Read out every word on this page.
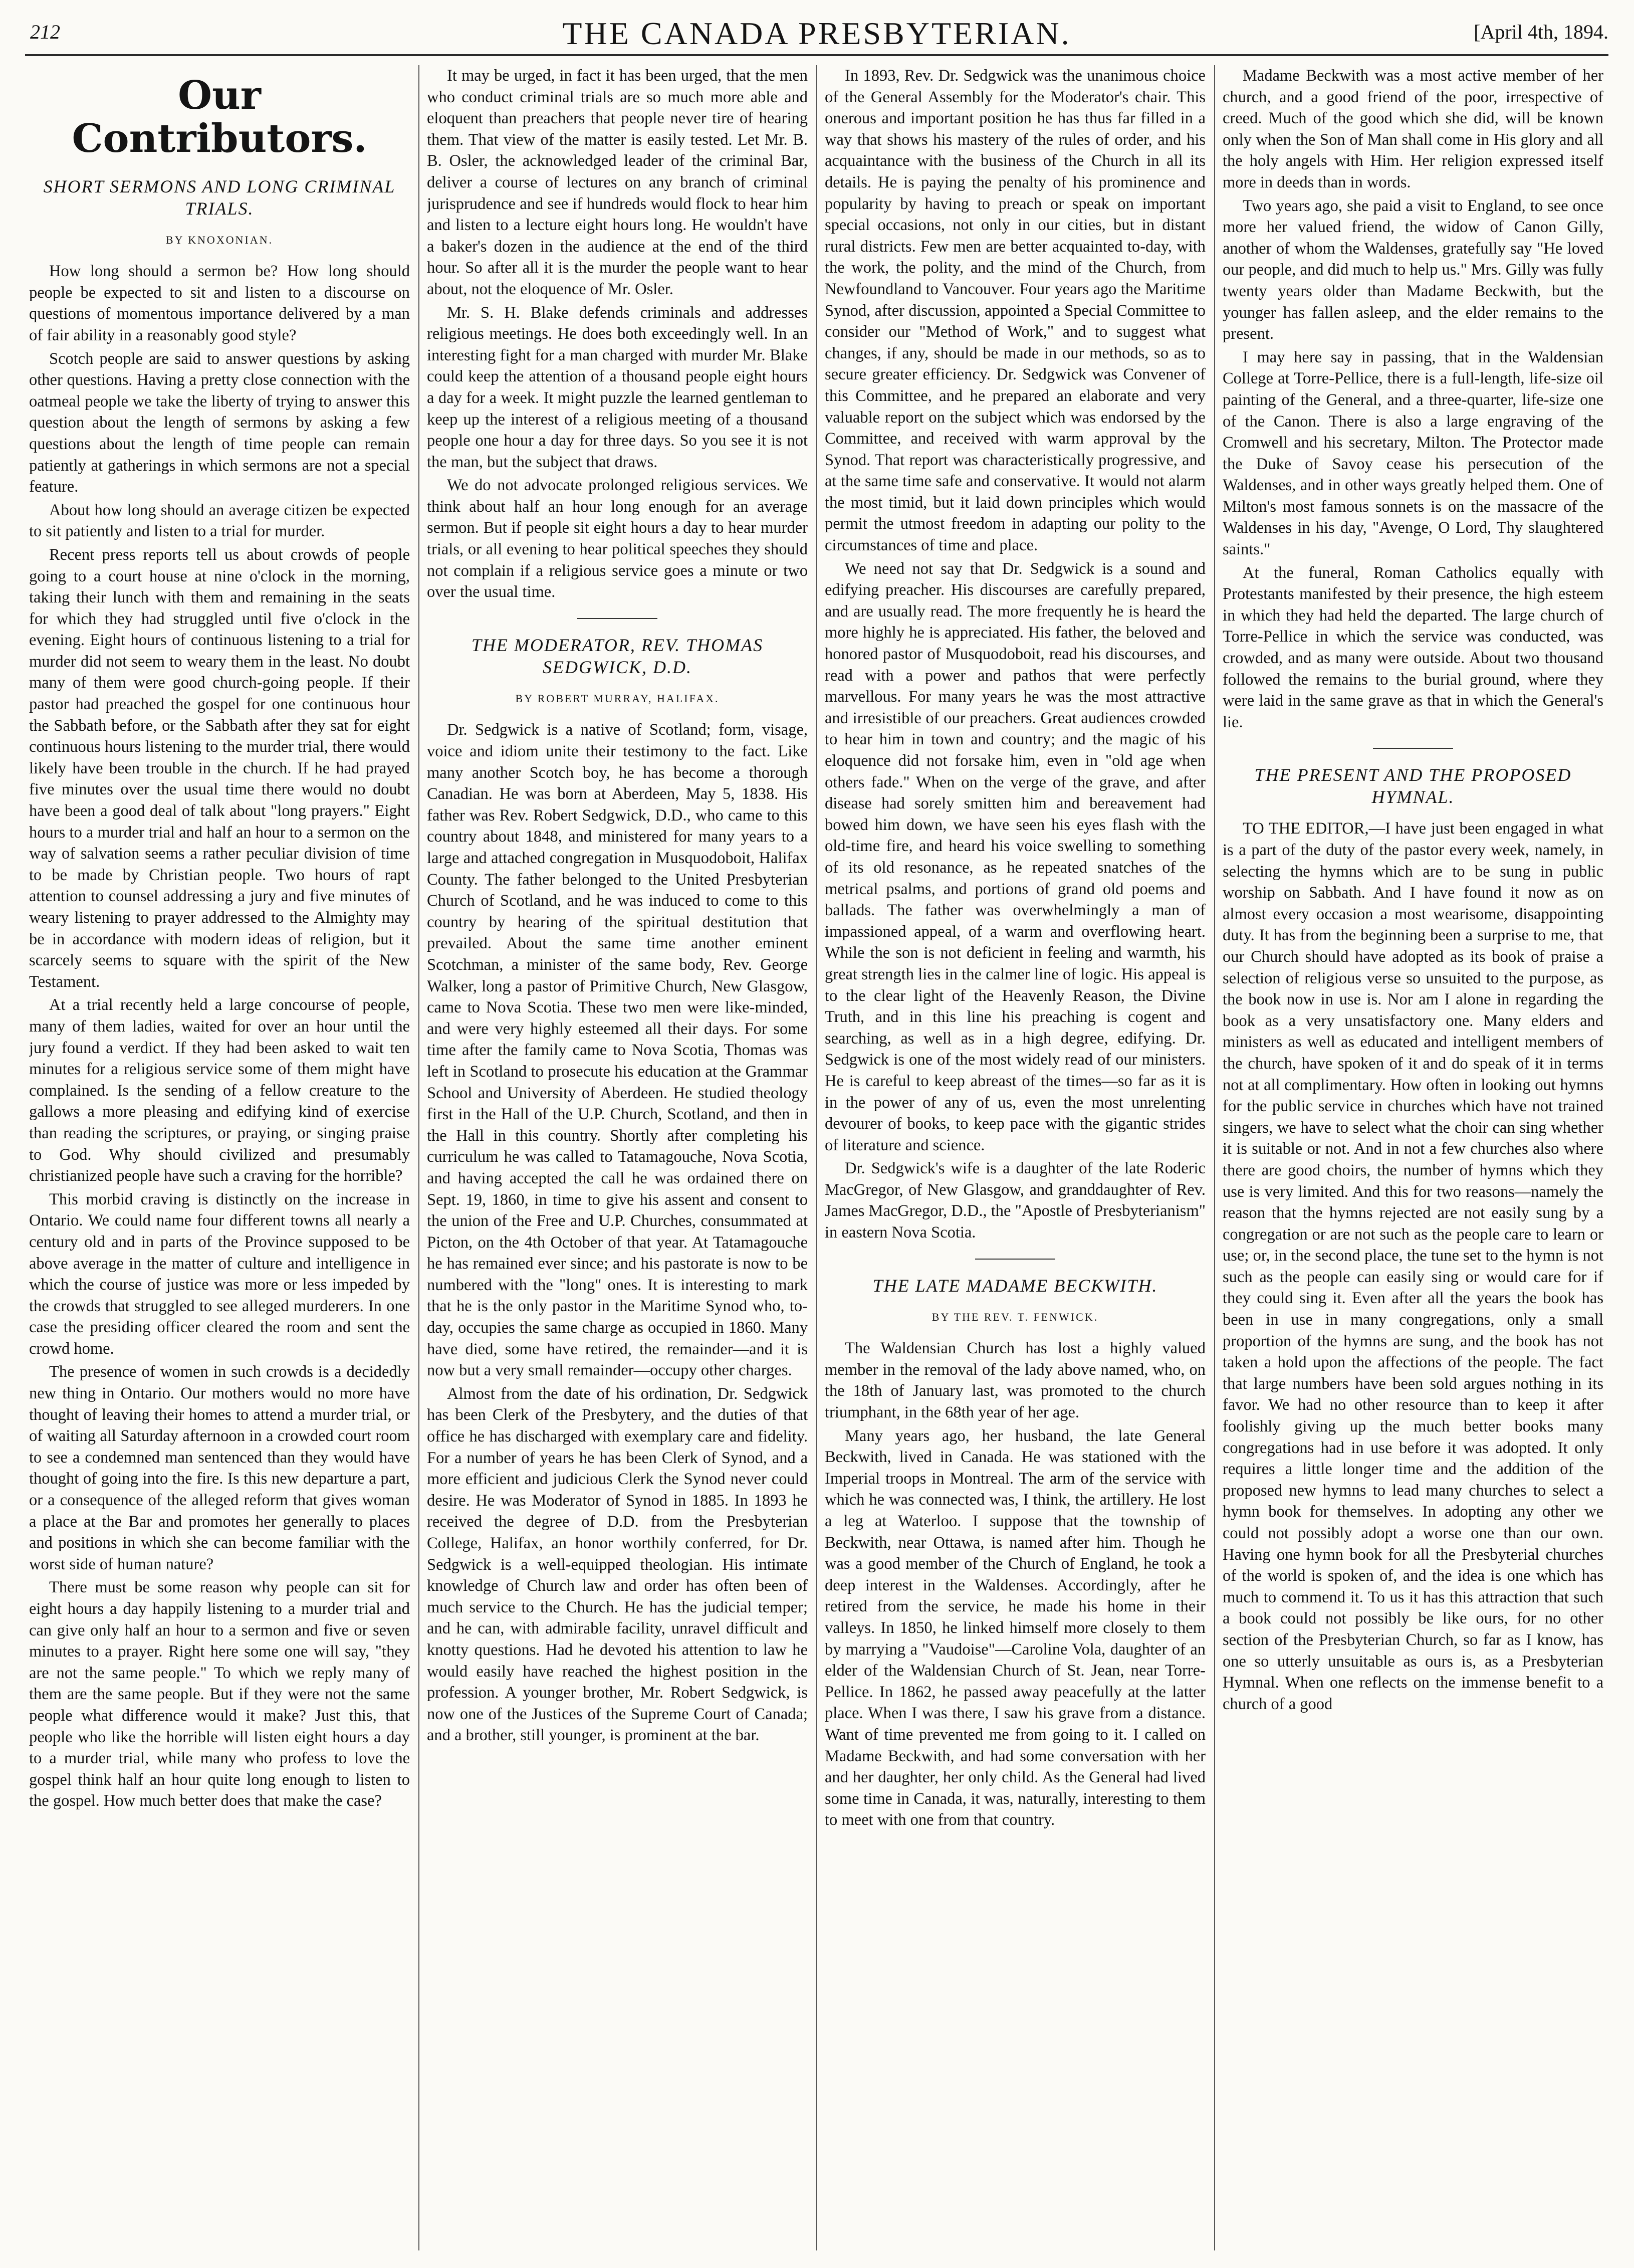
212	THE CANADA PRESBYTERIAN.	[April 4th, 1894.
Our Contributors.
SHORT SERMONS AND LONG CRIMINAL TRIALS.
BY KNOXONIAN.

How long should a sermon be? How long should people be expected to sit and listen to a discourse on questions of momentous importance delivered by a man of fair ability in a reasonably good style?

Scotch people are said to answer questions by asking other questions. Having a pretty close connection with the oatmeal people we take the liberty of trying to answer this question about the length of sermons by asking a few questions about the length of time people can remain patiently at gatherings in which sermons are not a special feature.

About how long should an average citizen be expected to sit patiently and listen to a trial for murder.

Recent press reports tell us about crowds of people going to a court house at nine o'clock in the morning, taking their lunch with them and remaining in the seats for which they had struggled until five o'clock in the evening. Eight hours of continuous listening to a trial for murder did not seem to weary them in the least. No doubt many of them were good church-going people. If their pastor had preached the gospel for one continuous hour the Sabbath before, or the Sabbath after they sat for eight continuous hours listening to the murder trial, there would likely have been trouble in the church. If he had prayed five minutes over the usual time there would no doubt have been a good deal of talk about "long prayers." Eight hours to a murder trial and half an hour to a sermon on the way of salvation seems a rather peculiar division of time to be made by Christian people. Two hours of rapt attention to counsel addressing a jury and five minutes of weary listening to prayer addressed to the Almighty may be in accordance with modern ideas of religion, but it scarcely seems to square with the spirit of the New Testament.

At a trial recently held a large concourse of people, many of them ladies, waited for over an hour until the jury found a verdict. If they had been asked to wait ten minutes for a religious service some of them might have complained. Is the sending of a fellow creature to the gallows a more pleasing and edifying kind of exercise than reading the scriptures, or praying, or singing praise to God. Why should civilized and presumably christianized people have such a craving for the horrible?

This morbid craving is distinctly on the increase in Ontario. We could name four different towns all nearly a century old and in parts of the Province supposed to be above average in the matter of culture and intelligence in which the course of justice was more or less impeded by the crowds that struggled to see alleged murderers. In one case the presiding officer cleared the room and sent the crowd home.

The presence of women in such crowds is a decidedly new thing in Ontario. Our mothers would no more have thought of leaving their homes to attend a murder trial, or of waiting all Saturday afternoon in a crowded court room to see a condemned man sentenced than they would have thought of going into the fire. Is this new departure a part, or a consequence of the alleged reform that gives woman a place at the Bar and promotes her generally to places and positions in which she can become familiar with the worst side of human nature?

There must be some reason why people can sit for eight hours a day happily listening to a murder trial and can give only half an hour to a sermon and five or seven minutes to a prayer. Right here some one will say, "they are not the same people." To which we reply many of them are the same people. But if they were not the same people what difference would it make? Just this, that people who like the horrible will listen eight hours a day to a murder trial, while many who profess to love the gospel think half an hour quite long enough to listen to the gospel. How much better does that make the case?

It may be urged, in fact it has been urged, that the men who conduct criminal trials are so much more able and eloquent than preachers that people never tire of hearing them. That view of the matter is easily tested. Let Mr. B. B. Osler, the acknowledged leader of the criminal Bar, deliver a course of lectures on any branch of criminal jurisprudence and see if hundreds would flock to hear him and listen to a lecture eight hours long. He wouldn't have a baker's dozen in the audience at the end of the third hour. So after all it is the murder the people want to hear about, not the eloquence of Mr. Osler.

Mr. S. H. Blake defends criminals and addresses religious meetings. He does both exceedingly well. In an interesting fight for a man charged with murder Mr. Blake could keep the attention of a thousand people eight hours a day for a week. It might puzzle the learned gentleman to keep up the interest of a religious meeting of a thousand people one hour a day for three days. So you see it is not the man, but the subject that draws.

We do not advocate prolonged religious services. We think about half an hour long enough for an average sermon. But if people sit eight hours a day to hear murder trials, or all evening to hear political speeches they should not complain if a religious service goes a minute or two over the usual time.

THE MODERATOR, REV. THOMAS SEDGWICK, D.D.
BY ROBERT MURRAY, HALIFAX.

Dr. Sedgwick is a native of Scotland; form, visage, voice and idiom unite their testimony to the fact. Like many another Scotch boy, he has become a thorough Canadian. He was born at Aberdeen, May 5, 1838. His father was Rev. Robert Sedgwick, D.D., who came to this country about 1848, and ministered for many years to a large and attached congregation in Musquodoboit, Halifax County. The father belonged to the United Presbyterian Church of Scotland, and he was induced to come to this country by hearing of the spiritual destitution that prevailed. About the same time another eminent Scotchman, a minister of the same body, Rev. George Walker, long a pastor of Primitive Church, New Glasgow, came to Nova Scotia. These two men were like-minded, and were very highly esteemed all their days. For some time after the family came to Nova Scotia, Thomas was left in Scotland to prosecute his education at the Grammar School and University of Aberdeen. He studied theology first in the Hall of the U.P. Church, Scotland, and then in the Hall in this country. Shortly after completing his curriculum he was called to Tatamagouche, Nova Scotia, and having accepted the call he was ordained there on Sept. 19, 1860, in time to give his assent and consent to the union of the Free and U.P. Churches, consummated at Picton, on the 4th October of that year. At Tatamagouche he has remained ever since; and his pastorate is now to be numbered with the "long" ones. It is interesting to mark that he is the only pastor in the Maritime Synod who, to-day, occupies the same charge as occupied in 1860. Many have died, some have retired, the remainder—and it is now but a very small remainder—occupy other charges.

Almost from the date of his ordination, Dr. Sedgwick has been Clerk of the Presbytery, and the duties of that office he has discharged with exemplary care and fidelity. For a number of years he has been Clerk of Synod, and a more efficient and judicious Clerk the Synod never could desire. He was Moderator of Synod in 1885. In 1893 he received the degree of D.D. from the Presbyterian College, Halifax, an honor worthily conferred, for Dr. Sedgwick is a well-equipped theologian. His intimate knowledge of Church law and order has often been of much service to the Church. He has the judicial temper; and he can, with admirable facility, unravel difficult and knotty questions. Had he devoted his attention to law he would easily have reached the highest position in the profession. A younger brother, Mr. Robert Sedgwick, is now one of the Justices of the Supreme Court of Canada; and a brother, still younger, is prominent at the bar.

In 1893, Rev. Dr. Sedgwick was the unanimous choice of the General Assembly for the Moderator's chair. This onerous and important position he has thus far filled in a way that shows his mastery of the rules of order, and his acquaintance with the business of the Church in all its details. He is paying the penalty of his prominence and popularity by having to preach or speak on important special occasions, not only in our cities, but in distant rural districts. Few men are better acquainted to-day, with the work, the polity, and the mind of the Church, from Newfoundland to Vancouver. Four years ago the Maritime Synod, after discussion, appointed a Special Committee to consider our "Method of Work," and to suggest what changes, if any, should be made in our methods, so as to secure greater efficiency. Dr. Sedgwick was Convener of this Committee, and he prepared an elaborate and very valuable report on the subject which was endorsed by the Committee, and received with warm approval by the Synod. That report was characteristically progressive, and at the same time safe and conservative. It would not alarm the most timid, but it laid down principles which would permit the utmost freedom in adapting our polity to the circumstances of time and place.

We need not say that Dr. Sedgwick is a sound and edifying preacher. His discourses are carefully prepared, and are usually read. The more frequently he is heard the more highly he is appreciated. His father, the beloved and honored pastor of Musquodoboit, read his discourses, and read with a power and pathos that were perfectly marvellous. For many years he was the most attractive and irresistible of our preachers. Great audiences crowded to hear him in town and country; and the magic of his eloquence did not forsake him, even in "old age when others fade." When on the verge of the grave, and after disease had sorely smitten him and bereavement had bowed him down, we have seen his eyes flash with the old-time fire, and heard his voice swelling to something of its old resonance, as he repeated snatches of the metrical psalms, and portions of grand old poems and ballads. The father was overwhelmingly a man of impassioned appeal, of a warm and overflowing heart. While the son is not deficient in feeling and warmth, his great strength lies in the calmer line of logic. His appeal is to the clear light of the Heavenly Reason, the Divine Truth, and in this line his preaching is cogent and searching, as well as in a high degree, edifying. Dr. Sedgwick is one of the most widely read of our ministers. He is careful to keep abreast of the times—so far as it is in the power of any of us, even the most unrelenting devourer of books, to keep pace with the gigantic strides of literature and science.

Dr. Sedgwick's wife is a daughter of the late Roderic MacGregor, of New Glasgow, and granddaughter of Rev. James MacGregor, D.D., the "Apostle of Presbyterianism" in eastern Nova Scotia.

THE LATE MADAME BECKWITH.
BY THE REV. T. FENWICK.

The Waldensian Church has lost a highly valued member in the removal of the lady above named, who, on the 18th of January last, was promoted to the church triumphant, in the 68th year of her age.

Many years ago, her husband, the late General Beckwith, lived in Canada. He was stationed with the Imperial troops in Montreal. The arm of the service with which he was connected was, I think, the artillery. He lost a leg at Waterloo. I suppose that the township of Beckwith, near Ottawa, is named after him. Though he was a good member of the Church of England, he took a deep interest in the Waldenses. Accordingly, after he retired from the service, he made his home in their valleys. In 1850, he linked himself more closely to them by marrying a "Vaudoise"—Caroline Vola, daughter of an elder of the Waldensian Church of St. Jean, near Torre-Pellice. In 1862, he passed away peacefully at the latter place. When I was there, I saw his grave from a distance. Want of time prevented me from going to it. I called on Madame Beckwith, and had some conversation with her and her daughter, her only child. As the General had lived some time in Canada, it was, naturally, interesting to them to meet with one from that country.

Madame Beckwith was a most active member of her church, and a good friend of the poor, irrespective of creed. Much of the good which she did, will be known only when the Son of Man shall come in His glory and all the holy angels with Him. Her religion expressed itself more in deeds than in words.

Two years ago, she paid a visit to England, to see once more her valued friend, the widow of Canon Gilly, another of whom the Waldenses, gratefully say "He loved our people, and did much to help us." Mrs. Gilly was fully twenty years older than Madame Beckwith, but the younger has fallen asleep, and the elder remains to the present.

I may here say in passing, that in the Waldensian College at Torre-Pellice, there is a full-length, life-size oil painting of the General, and a three-quarter, life-size one of the Canon. There is also a large engraving of the Cromwell and his secretary, Milton. The Protector made the Duke of Savoy cease his persecution of the Waldenses, and in other ways greatly helped them. One of Milton's most famous sonnets is on the massacre of the Waldenses in his day, "Avenge, O Lord, Thy slaughtered saints."

At the funeral, Roman Catholics equally with Protestants manifested by their presence, the high esteem in which they had held the departed. The large church of Torre-Pellice in which the service was conducted, was crowded, and as many were outside. About two thousand followed the remains to the burial ground, where they were laid in the same grave as that in which the General's lie.

THE PRESENT AND THE PROPOSED HYMNAL.

TO THE EDITOR,—I have just been engaged in what is a part of the duty of the pastor every week, namely, in selecting the hymns which are to be sung in public worship on Sabbath. And I have found it now as on almost every occasion a most wearisome, disappointing duty. It has from the beginning been a surprise to me, that our Church should have adopted as its book of praise a selection of religious verse so unsuited to the purpose, as the book now in use is. Nor am I alone in regarding the book as a very unsatisfactory one. Many elders and ministers as well as educated and intelligent members of the church, have spoken of it and do speak of it in terms not at all complimentary. How often in looking out hymns for the public service in churches which have not trained singers, we have to select what the choir can sing whether it is suitable or not. And in not a few churches also where there are good choirs, the number of hymns which they use is very limited. And this for two reasons—namely the reason that the hymns rejected are not easily sung by a congregation or are not such as the people care to learn or use; or, in the second place, the tune set to the hymn is not such as the people can easily sing or would care for if they could sing it. Even after all the years the book has been in use in many congregations, only a small proportion of the hymns are sung, and the book has not taken a hold upon the affections of the people. The fact that large numbers have been sold argues nothing in its favor. We had no other resource than to keep it after foolishly giving up the much better books many congregations had in use before it was adopted. It only requires a little longer time and the addition of the proposed new hymns to lead many churches to select a hymn book for themselves. In adopting any other we could not possibly adopt a worse one than our own. Having one hymn book for all the Presbyterial churches of the world is spoken of, and the idea is one which has much to commend it. To us it has this attraction that such a book could not possibly be like ours, for no other section of the Presbyterian Church, so far as I know, has one so utterly unsuitable as ours is, as a Presbyterian Hymnal. When one reflects on the immense benefit to a church of a good
